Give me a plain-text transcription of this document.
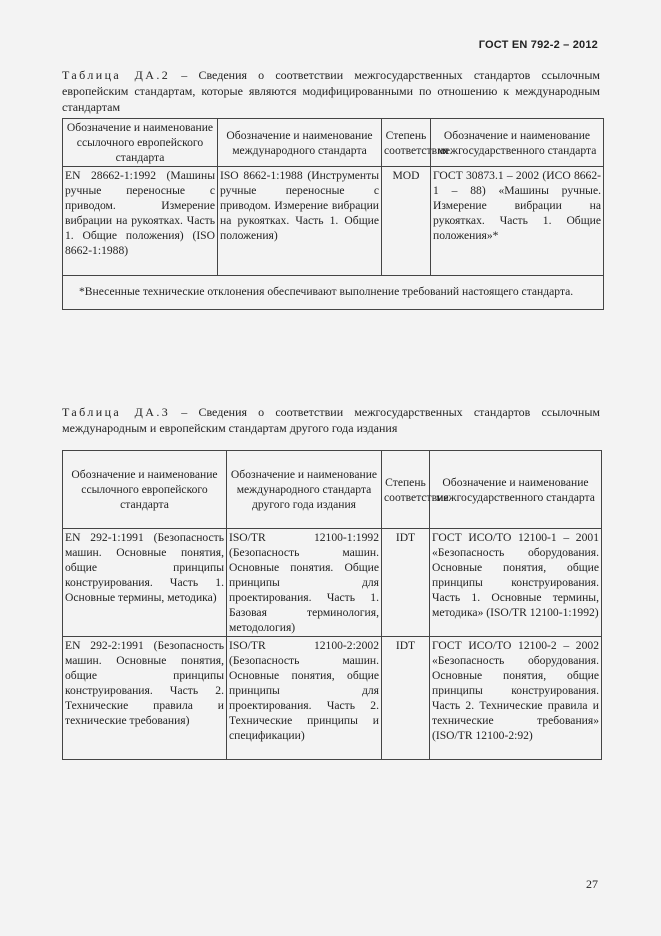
ГОСТ EN 792-2 – 2012
Таблица ДА.2 – Сведения о соответствии межгосударственных стандартов ссылочным европейским стандартам, которые являются модифицированными по отношению к международным стандартам
Обозначение и наименование ссылочного европейского стандарта	Обозначение и наименование международного стандарта	Степень соответствия	Обозначение и наименование межгосударственного стандарта
EN 28662-1:1992 (Машины ручные переносные с приводом. Измерение вибрации на рукоятках. Часть 1. Общие положения) (ISO 8662-1:1988)	ISO 8662-1:1988 (Инструменты ручные переносные с приводом. Измерение вибрации на рукоятках. Часть 1. Общие положения)	MOD	ГОСТ 30873.1 – 2002 (ИСО 8662-1 – 88) «Машины ручные. Измерение вибрации на рукоятках. Часть 1. Общие положения»*
*Внесенные технические отклонения обеспечивают выполнение требований настоящего стандарта.			
Таблица ДА.3 – Сведения о соответствии межгосударственных стандартов ссылочным международным и европейским стандартам другого года издания
Обозначение и наименование ссылочного европейского стандарта	Обозначение и наименование международного стандарта другого года издания	Степень соответствия	Обозначение и наименование межгосударственного стандарта
EN 292-1:1991 (Безопасность машин. Основные понятия, общие принципы конструирования. Часть 1. Основные термины, методика)	ISO/TR 12100-1:1992 (Безопасность машин. Основные понятия. Общие принципы для проектирования. Часть 1. Базовая терминология, методология)	IDT	ГОСТ ИСО/ТО 12100-1 – 2001 «Безопасность оборудования. Основные понятия, общие принципы конструирования. Часть 1. Основные термины, методика» (ISO/TR 12100-1:1992)
EN 292-2:1991 (Безопасность машин. Основные понятия, общие принципы конструирования. Часть 2. Технические правила и технические требования)	ISO/TR 12100-2:2002 (Безопасность машин. Основные понятия, общие принципы для проектирования. Часть 2. Технические принципы и спецификации)	IDT	ГОСТ ИСО/ТО 12100-2 – 2002 «Безопасность оборудования. Основные понятия, общие принципы конструирования. Часть 2. Технические правила и технические требования» (ISO/TR 12100-2:92)
27
